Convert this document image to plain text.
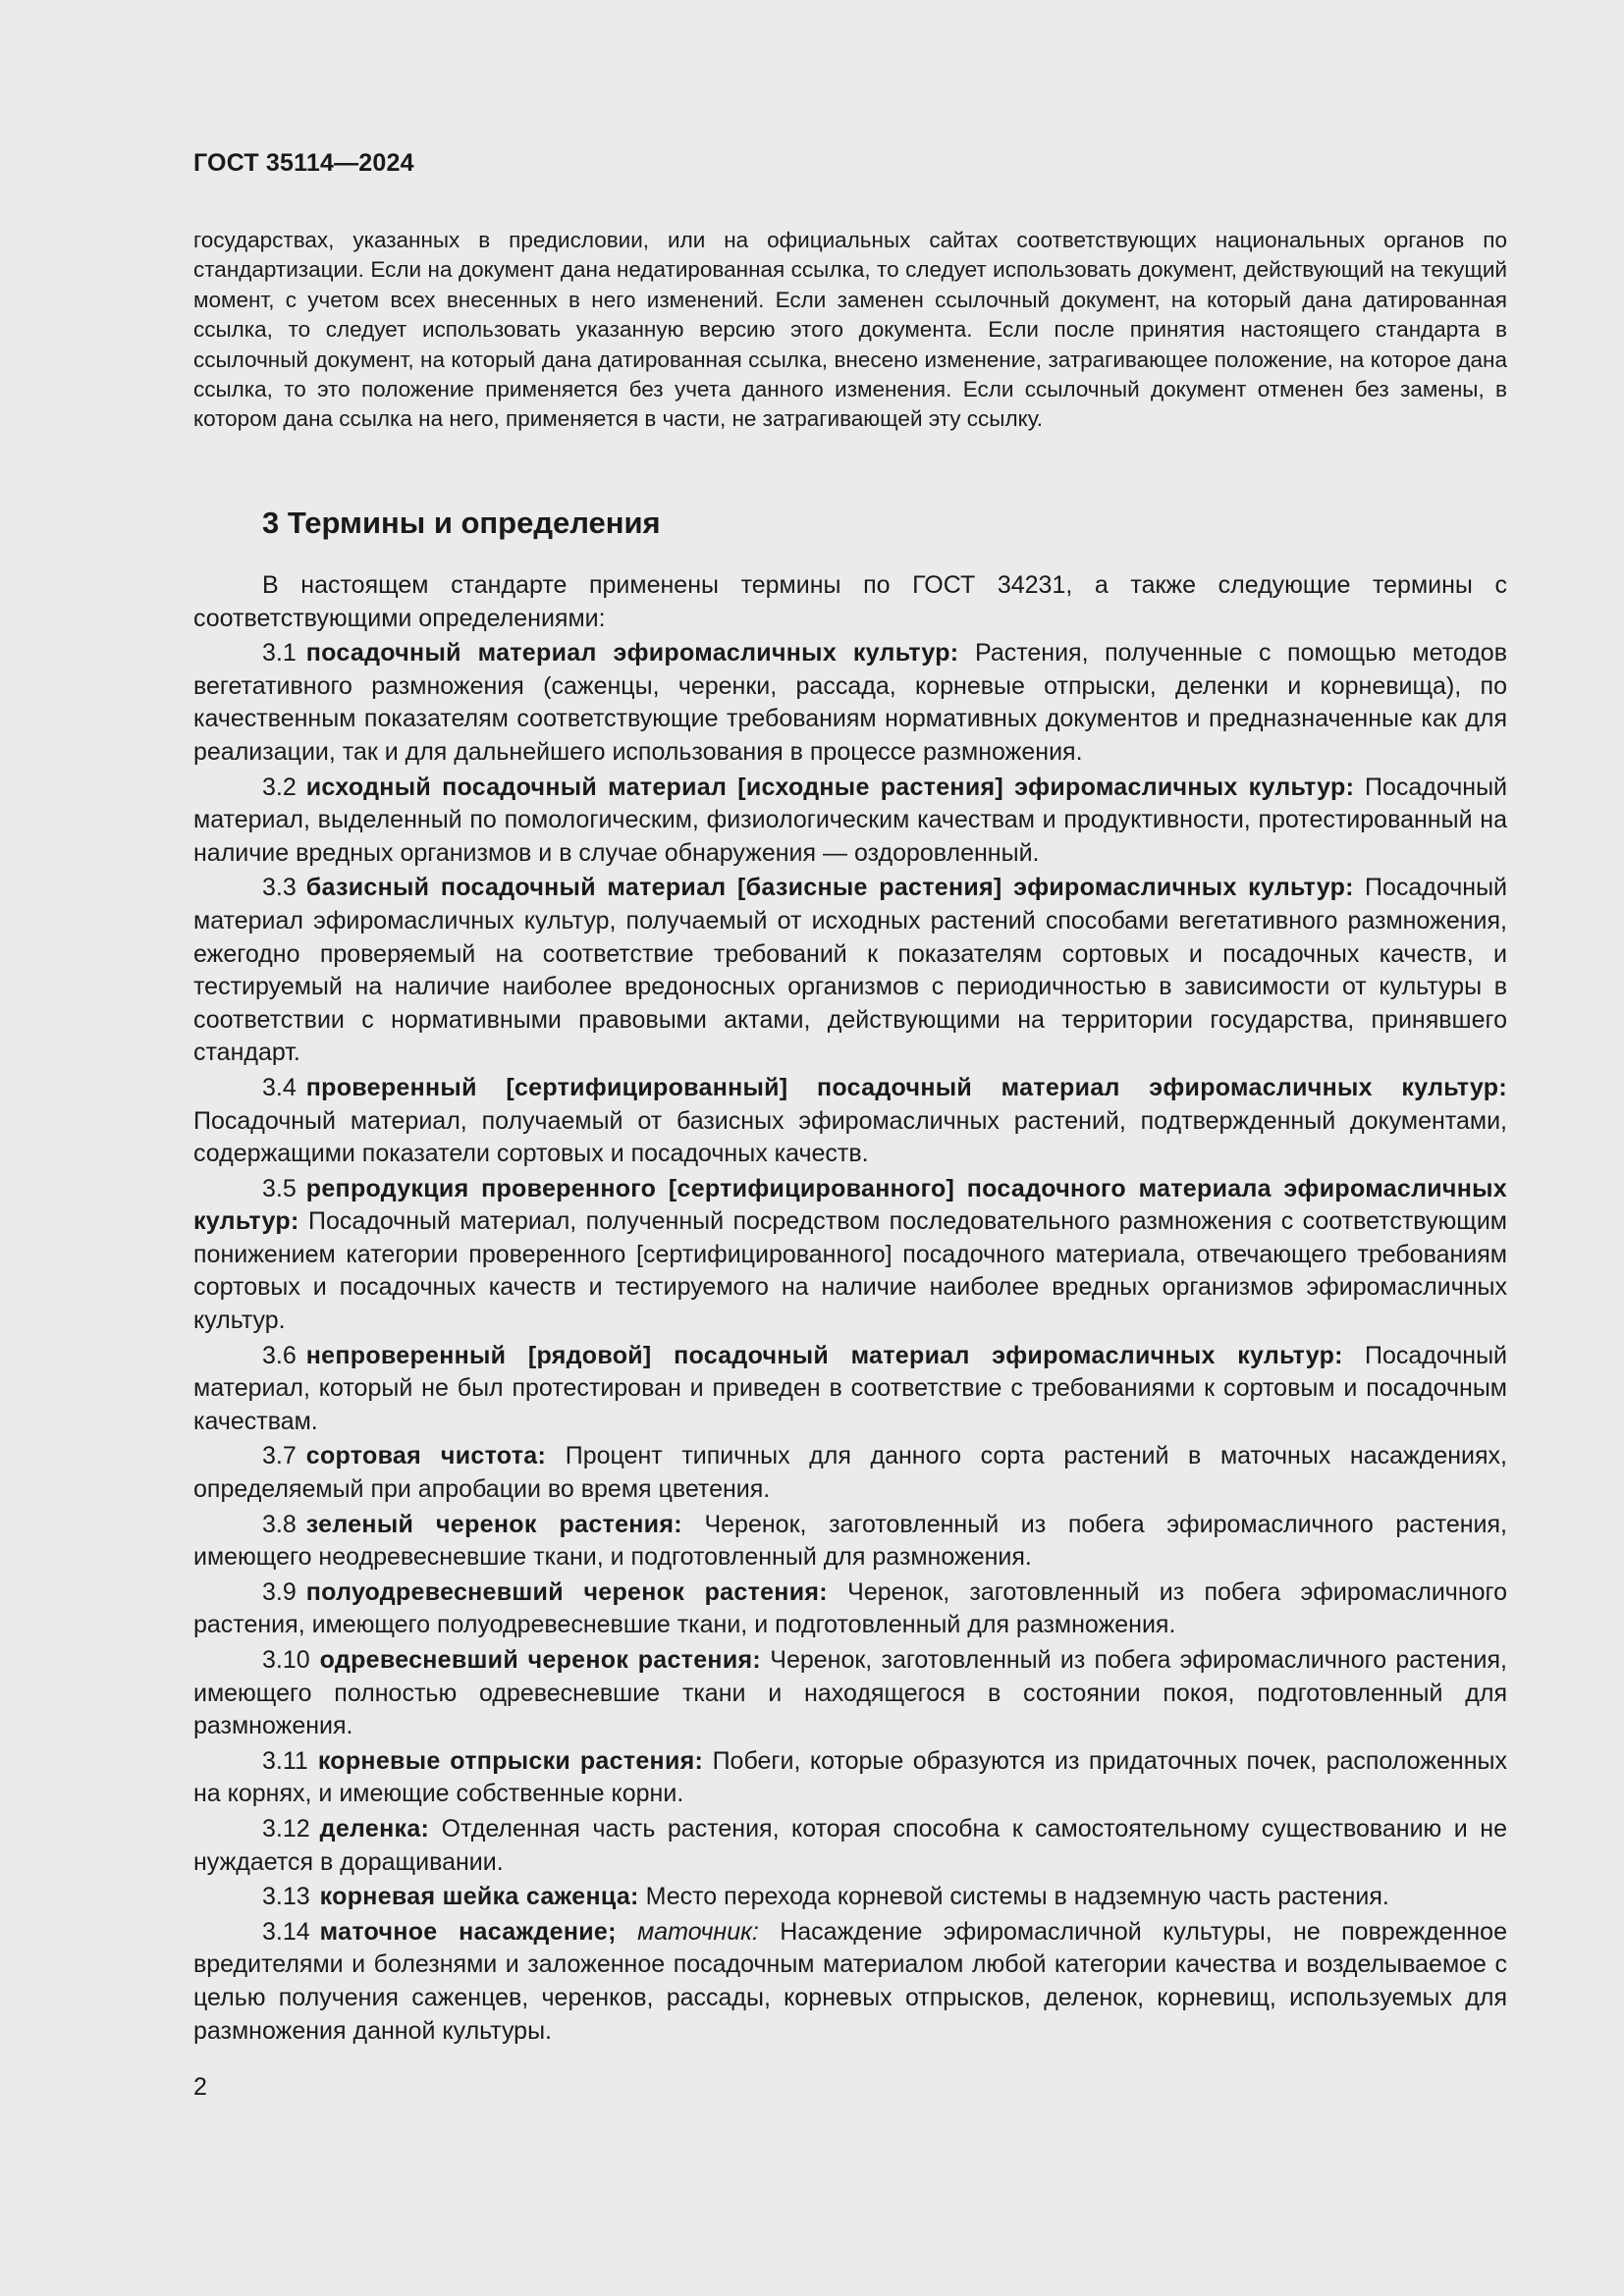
ГОСТ 35114—2024
государствах, указанных в предисловии, или на официальных сайтах соответствующих национальных органов по стандартизации. Если на документ дана недатированная ссылка, то следует использовать документ, действующий на текущий момент, с учетом всех внесенных в него изменений. Если заменен ссылочный документ, на который дана датированная ссылка, то следует использовать указанную версию этого документа. Если после принятия настоящего стандарта в ссылочный документ, на который дана датированная ссылка, внесено изменение, затрагивающее положение, на которое дана ссылка, то это положение применяется без учета данного изменения. Если ссылочный документ отменен без замены, в котором дана ссылка на него, применяется в части, не затрагивающей эту ссылку.
3 Термины и определения

В настоящем стандарте применены термины по ГОСТ 34231, а также следующие термины с соответствующими определениями:

3.1 посадочный материал эфиромасличных культур: Растения, полученные с помощью методов вегетативного размножения (саженцы, черенки, рассада, корневые отпрыски, деленки и корневища), по качественным показателям соответствующие требованиям нормативных документов и предназначенные как для реализации, так и для дальнейшего использования в процессе размножения.

3.2 исходный посадочный материал [исходные растения] эфиромасличных культур: Посадочный материал, выделенный по помологическим, физиологическим качествам и продуктивности, протестированный на наличие вредных организмов и в случае обнаружения — оздоровленный.

3.3 базисный посадочный материал [базисные растения] эфиромасличных культур: Посадочный материал эфиромасличных культур, получаемый от исходных растений способами вегетативного размножения, ежегодно проверяемый на соответствие требований к показателям сортовых и посадочных качеств, и тестируемый на наличие наиболее вредоносных организмов с периодичностью в зависимости от культуры в соответствии с нормативными правовыми актами, действующими на территории государства, принявшего стандарт.

3.4 проверенный [сертифицированный] посадочный материал эфиромасличных культур: Посадочный материал, получаемый от базисных эфиромасличных растений, подтвержденный документами, содержащими показатели сортовых и посадочных качеств.

3.5 репродукция проверенного [сертифицированного] посадочного материала эфиромасличных культур: Посадочный материал, полученный посредством последовательного размножения с соответствующим понижением категории проверенного [сертифицированного] посадочного материала, отвечающего требованиям сортовых и посадочных качеств и тестируемого на наличие наиболее вредных организмов эфиромасличных культур.

3.6 непроверенный [рядовой] посадочный материал эфиромасличных культур: Посадочный материал, который не был протестирован и приведен в соответствие с требованиями к сортовым и посадочным качествам.

3.7 сортовая чистота: Процент типичных для данного сорта растений в маточных насаждениях, определяемый при апробации во время цветения.

3.8 зеленый черенок растения: Черенок, заготовленный из побега эфиромасличного растения, имеющего неодревесневшие ткани, и подготовленный для размножения.

3.9 полуодревесневший черенок растения: Черенок, заготовленный из побега эфиромасличного растения, имеющего полуодревесневшие ткани, и подготовленный для размножения.

3.10 одревесневший черенок растения: Черенок, заготовленный из побега эфиромасличного растения, имеющего полностью одревесневшие ткани и находящегося в состоянии покоя, подготовленный для размножения.

3.11 корневые отпрыски растения: Побеги, которые образуются из придаточных почек, расположенных на корнях, и имеющие собственные корни.

3.12 деленка: Отделенная часть растения, которая способна к самостоятельному существованию и не нуждается в доращивании.

3.13 корневая шейка саженца: Место перехода корневой системы в надземную часть растения.

3.14 маточное насаждение; маточник: Насаждение эфиромасличной культуры, не поврежденное вредителями и болезнями и заложенное посадочным материалом любой категории качества и возделываемое с целью получения саженцев, черенков, рассады, корневых отпрысков, деленок, корневищ, используемых для размножения данной культуры.

2
